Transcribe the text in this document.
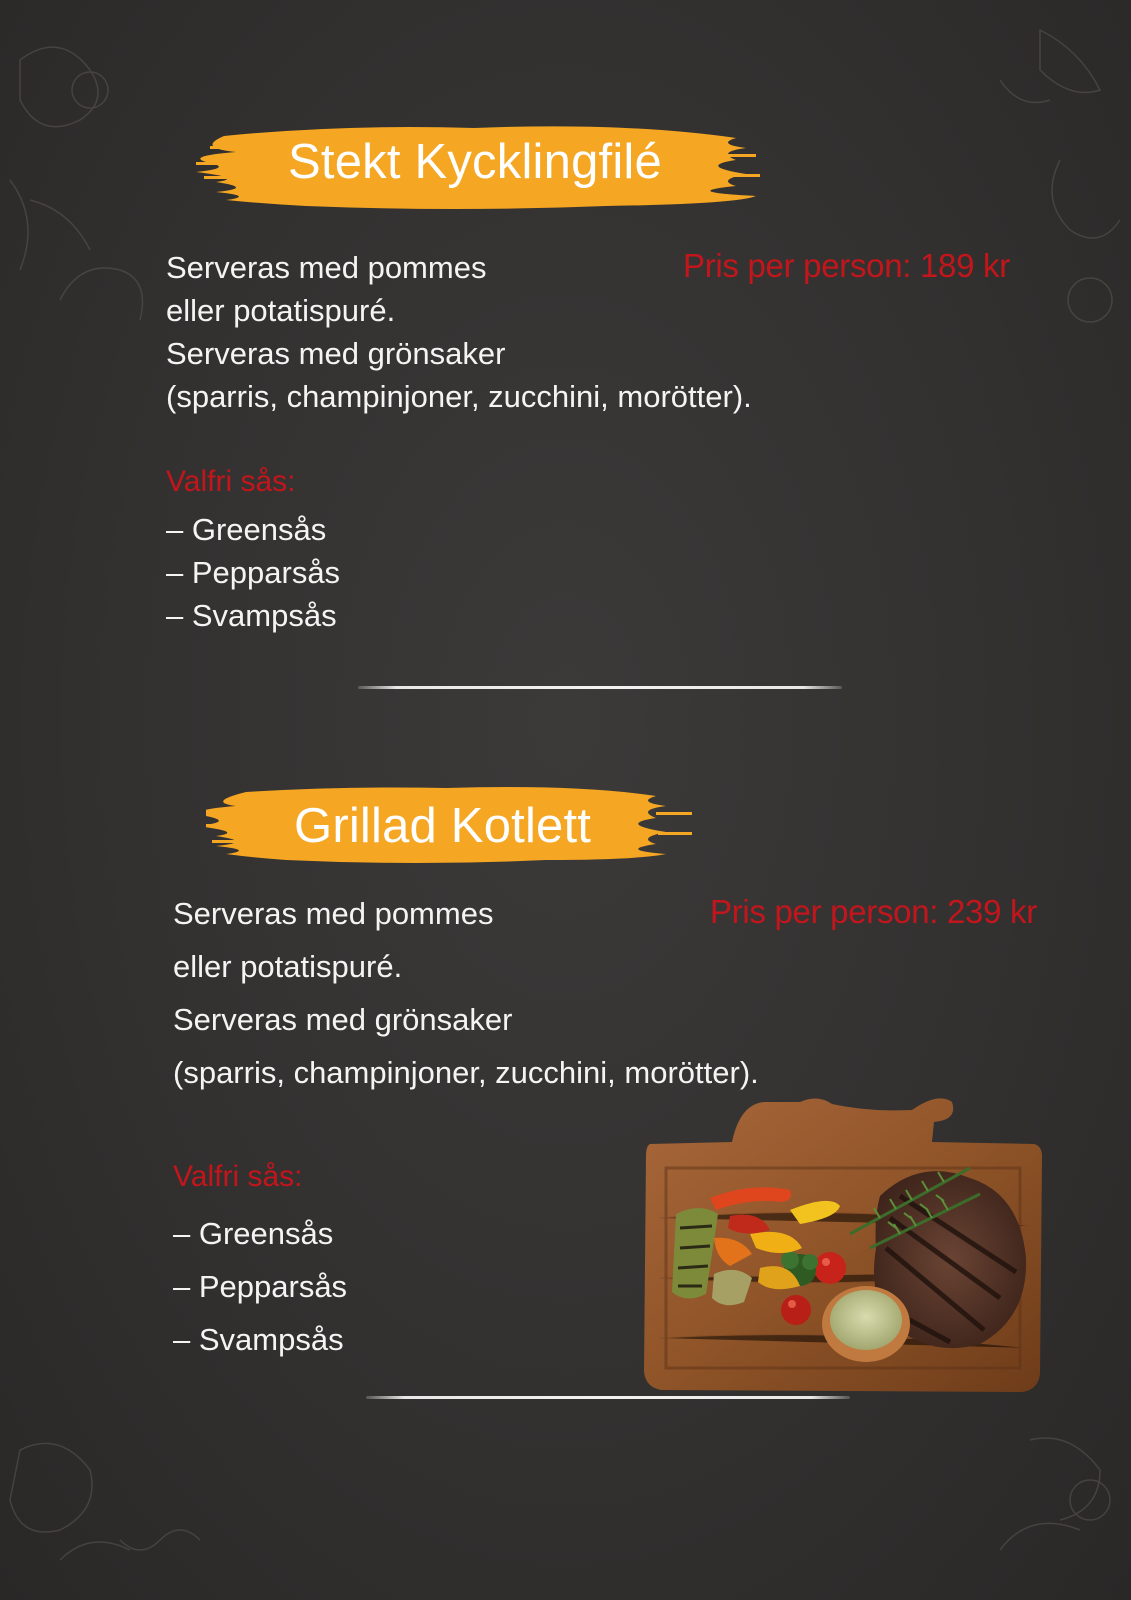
Stekt Kycklingfilé
Serveras med pommes
eller potatispuré.
Serveras med grönsaker
(sparris, champinjoner, zucchini, morötter).
Pris per person: 189 kr
Valfri sås:
– Greensås
– Pepparsås
– Svampsås
Grillad Kotlett
Serveras med pommes
eller potatispuré.
Serveras med grönsaker
(sparris, champinjoner, zucchini, morötter).
Pris per person: 239 kr
Valfri sås:
– Greensås
– Pepparsås
– Svampsås
